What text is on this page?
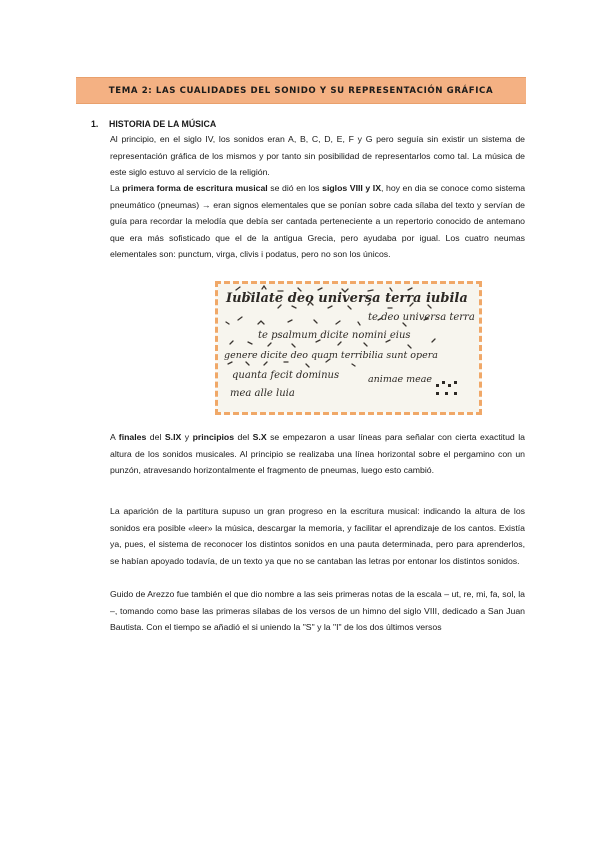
TEMA 2: LAS CUALIDADES DEL SONIDO Y SU REPRESENTACIÓN GRÁFICA
1. HISTORIA DE LA MÚSICA

Al principio, en el siglo IV, los sonidos eran A, B, C, D, E, F y G pero seguía sin existir un sistema de representación gráfica de los mismos y por tanto sin posibilidad de representarlos como tal. La música de este siglo estuvo al servicio de la religión.

La primera forma de escritura musical se dió en los siglos VIII y IX, hoy en dia se conoce como sistema pneumático (pneumas) → eran signos elementales que se ponían sobre cada sílaba del texto y servían de guía para recordar la melodía que debía ser cantada perteneciente a un repertorio conocido de antemano que era más sofisticado que el de la antigua Grecia, pero ayudaba por igual. Los cuatro neumas elementales son: punctum, virga, clivis i podatus, pero no son los únicos.

Iubilate deo universa terra iubila
te deo universa terra
te psalmum dicite nomini eius
genere dicite deo quam terribilia sunt opera
quanta fecit dominus	animae meae
mea alle luia

A finales del S.IX y principios del S.X se empezaron a usar líneas para señalar con cierta exactitud la altura de los sonidos musicales. Al principio se realizaba una línea horizontal sobre el pergamino con un punzón, atravesando horizontalmente el fragmento de pneumas, luego esto cambió.

La aparición de la partitura supuso un gran progreso en la escritura musical: indicando la altura de los sonidos era posible «leer» la música, descargar la memoria, y facilitar el aprendizaje de los cantos. Existía ya, pues, el sistema de reconocer los distintos sonidos en una pauta determinada, pero para aprenderlos, se habían apoyado todavía, de un texto ya que no se cantaban las letras por entonar los distintos sonidos.

Guido de Arezzo fue también el que dio nombre a las seis primeras notas de la escala – ut, re, mi, fa, sol, la –, tomando como base las primeras sílabas de los versos de un himno del siglo VIII, dedicado a San Juan Bautista. Con el tiempo se añadió el si uniendo la "S" y la "I" de los dos últimos versos
